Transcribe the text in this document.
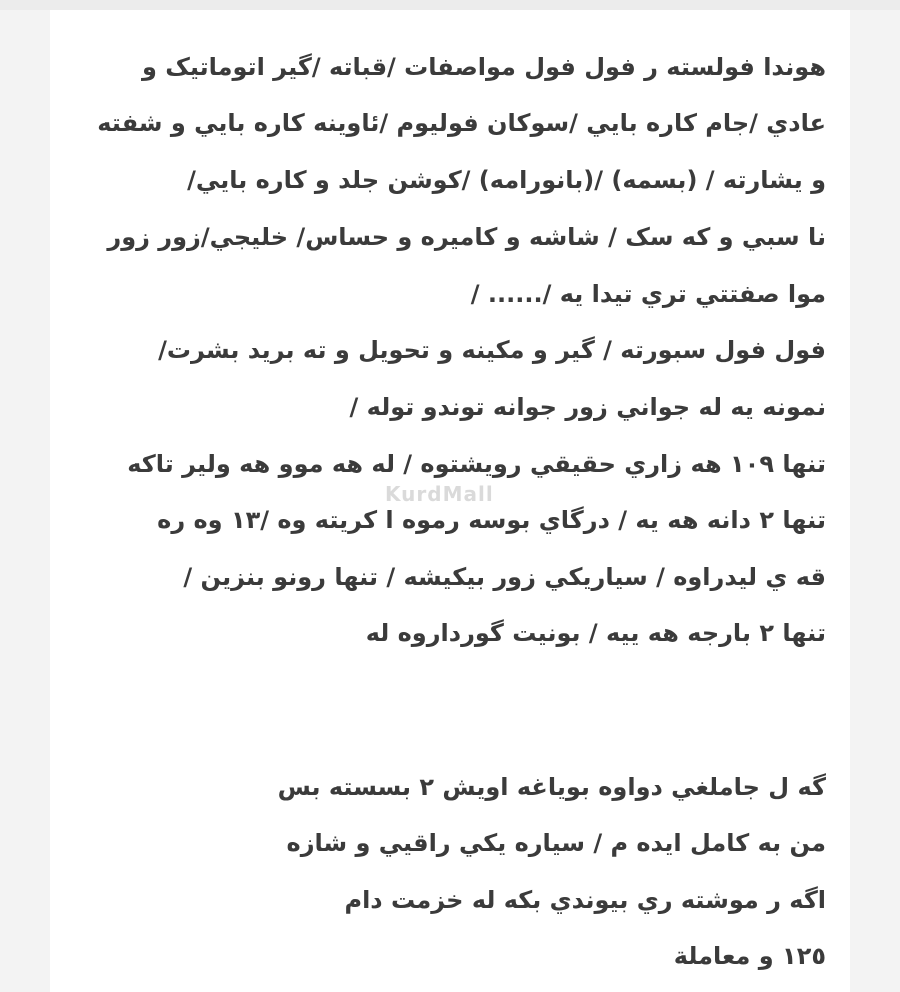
هوندا فولسته ر فول فول مواصفات /قباته /گير اتوماتيک و
عادي /جام کاره بايي /سوکان فوليوم /ئاوينه کاره بايي و شفته
و يشارته / (بسمه) /(بانورامه) /کوشن جلد و کاره بايي/
نا سبي و که سک / شاشه و کاميره و حساس/ خليجي/زور زور
موا صفتتي تري تيدا يه /...... /
فول فول سبورته / گير و مکينه و تحويل و ته بريد بشرت/
نمونه يه له جواني زور جوانه توندو توله /
تنها ١٠٩ هه زاري حقيقي رويشتوه / له هه موو هه ولير تاکه
تنها ٢ دانه هه يه / درگاي بوسه رموه ا کريته وه /١٣ وه ره
قه ي ليدراوه / سياريکي زور بيکيشه / تنها رونو بنزين /
تنها ٢ بارجه هه ييه / بونيت گورداروه له
گه ل جاملغي دواوه بوياغه اويش ٢ بسسته بس
من به کامل ايده م / سياره يکي راقيي و شازه
اگه ر موشته ري بيوندي بکه له خزمت دام
١٢٥ و معاملة
KurdMall
